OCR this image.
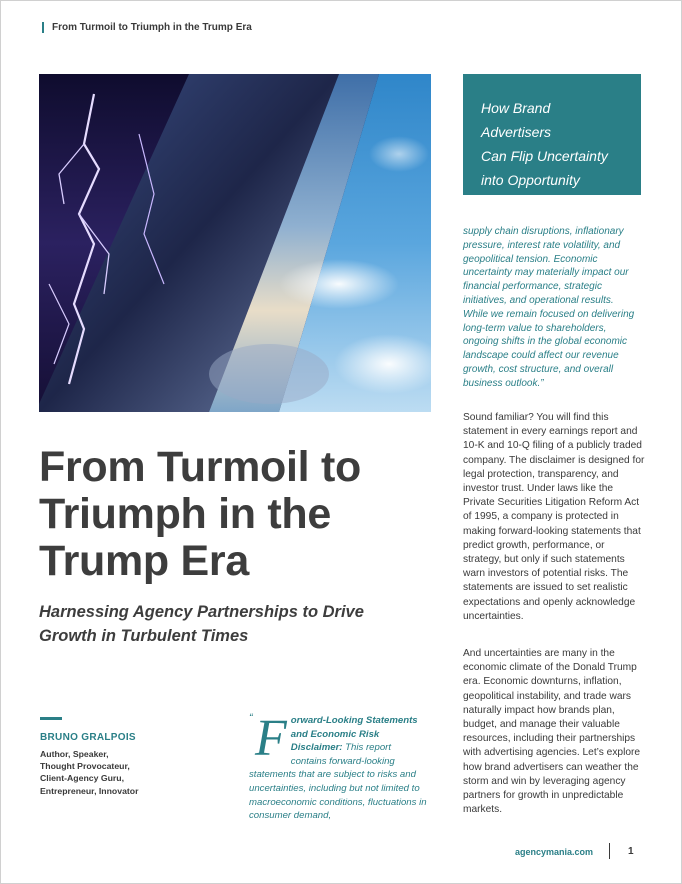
From Turmoil to Triumph in the Trump Era
How Brand Advertisers
Can Flip Uncertainty
into Opportunity
supply chain disruptions, inflationary pressure, interest rate volatility, and geopolitical tension. Economic uncertainty may materially impact our financial performance, strategic initiatives, and operational results. While we remain focused on delivering long-term value to shareholders, ongoing shifts in the global economic landscape could affect our revenue growth, cost structure, and overall business outlook.”

Sound familiar? You will find this statement in every earnings report and 10-K and 10-Q filing of a publicly traded company. The disclaimer is designed for legal protection, transparency, and investor trust. Under laws like the Private Securities Litigation Reform Act of 1995, a company is protected in making forward-looking statements that predict growth, performance, or strategy, but only if such statements warn investors of potential risks. The statements are issued to set realistic expectations and openly acknowledge uncertainties.

And uncertainties are many in the economic climate of the Donald Trump era. Economic downturns, inflation, geopolitical instability, and trade wars naturally impact how brands plan, budget, and manage their valuable resources, including their partnerships with advertising agencies. Let’s explore how brand advertisers can weather the storm and win by leveraging agency partners for growth in unpredictable markets.

From Turmoil to
Triumph in the
Trump Era
Harnessing Agency Partnerships to Drive
Growth in Turbulent Times
BRUNO GRALPOIS
Author, Speaker,
Thought Provocateur,
Client-Agency Guru,
Entrepreneur, Innovator
“ Forward-Looking Statements and Economic Risk Disclaimer: This report contains forward-looking statements that are subject to risks and uncertainties, including but not limited to macroeconomic conditions, fluctuations in consumer demand,
agencymania.com	1
